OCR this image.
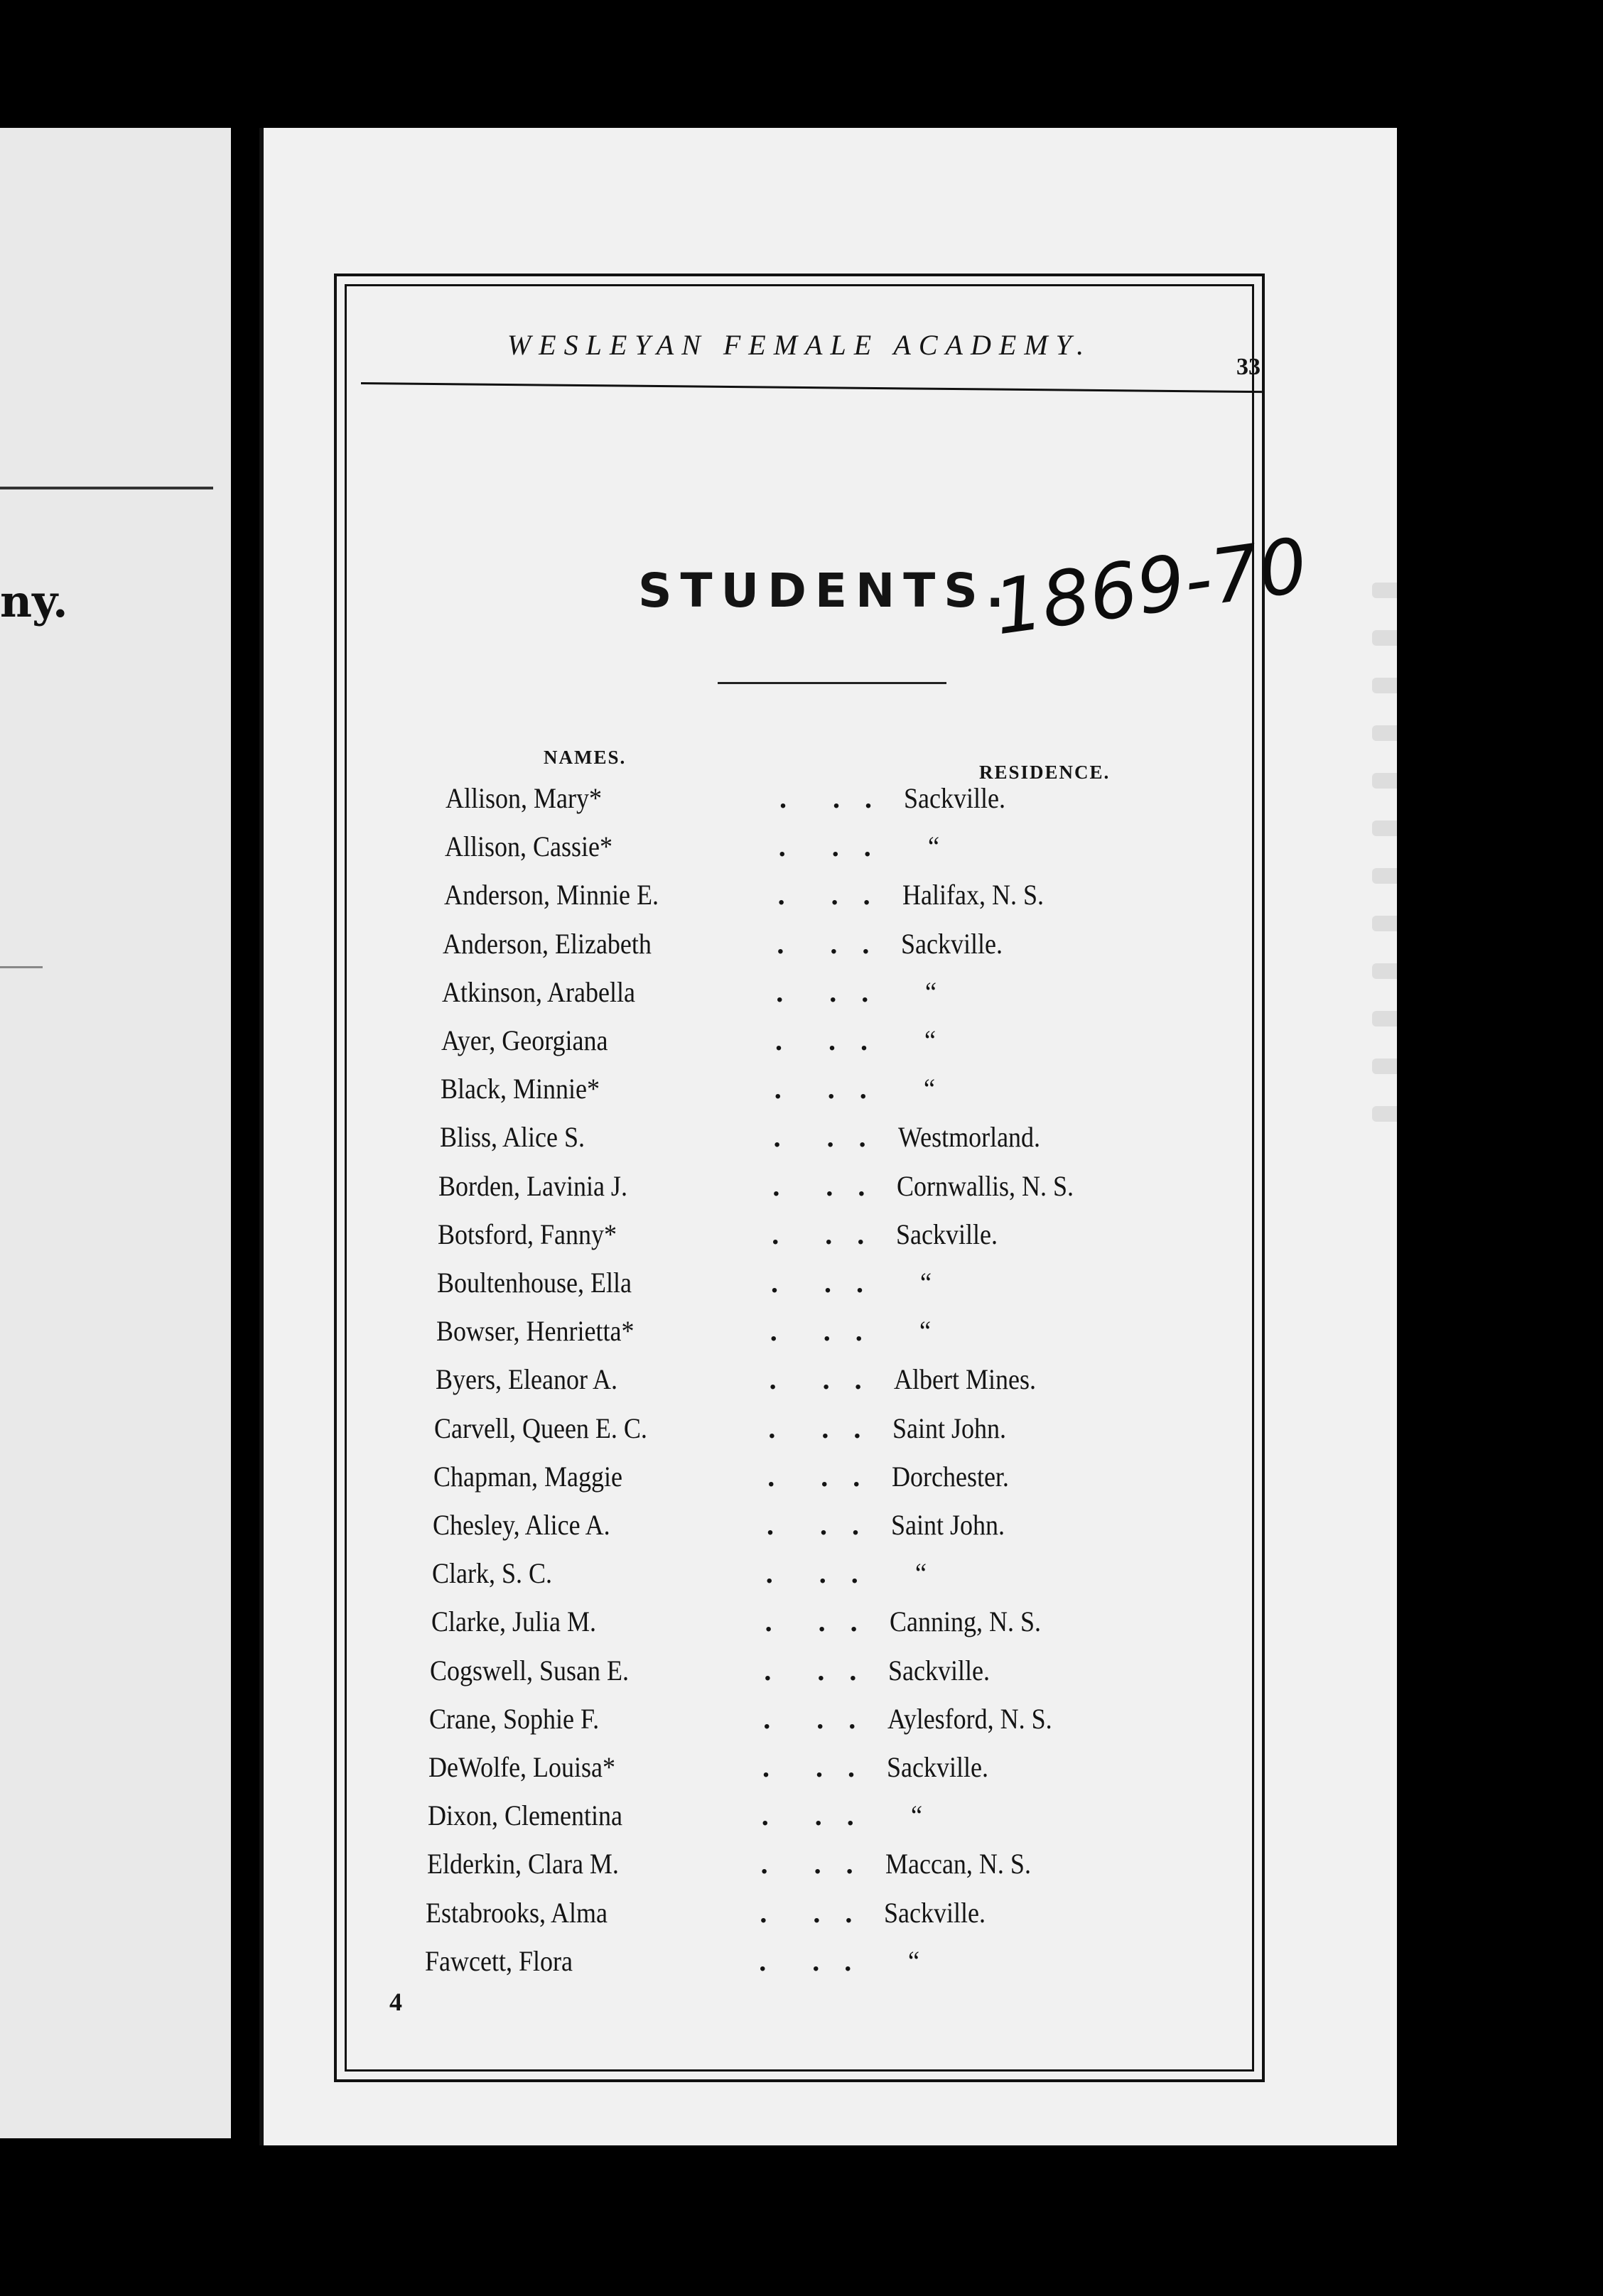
ny.
WESLEYAN FEMALE ACADEMY.
33
STUDENTS.
1869-70
NAMES.
RESIDENCE.
Allison, Mary*	. . . Sackville.
Allison, Cassie*	. . . “
Anderson, Minnie E.	. . . Halifax, N. S.
Anderson, Elizabeth	. . . Sackville.
Atkinson, Arabella	. . . “
Ayer, Georgiana	. . . “
Black, Minnie*	. . . “
Bliss, Alice S.	. . . Westmorland.
Borden, Lavinia J.	. . . Cornwallis, N. S.
Botsford, Fanny*	. . . Sackville.
Boultenhouse, Ella	. . . “
Bowser, Henrietta*	. . . “
Byers, Eleanor A.	. . . Albert Mines.
Carvell, Queen E. C.	. . . Saint John.
Chapman, Maggie	. . . Dorchester.
Chesley, Alice A.	. . . Saint John.
Clark, S. C.	. . . “
Clarke, Julia M.	. . . Canning, N. S.
Cogswell, Susan E.	. . . Sackville.
Crane, Sophie F.	. . . Aylesford, N. S.
DeWolfe, Louisa*	. . . Sackville.
Dixon, Clementina	. . . “
Elderkin, Clara M.	. . . Maccan, N. S.
Estabrooks, Alma	. . . Sackville.
Fawcett, Flora	. . . “
4
